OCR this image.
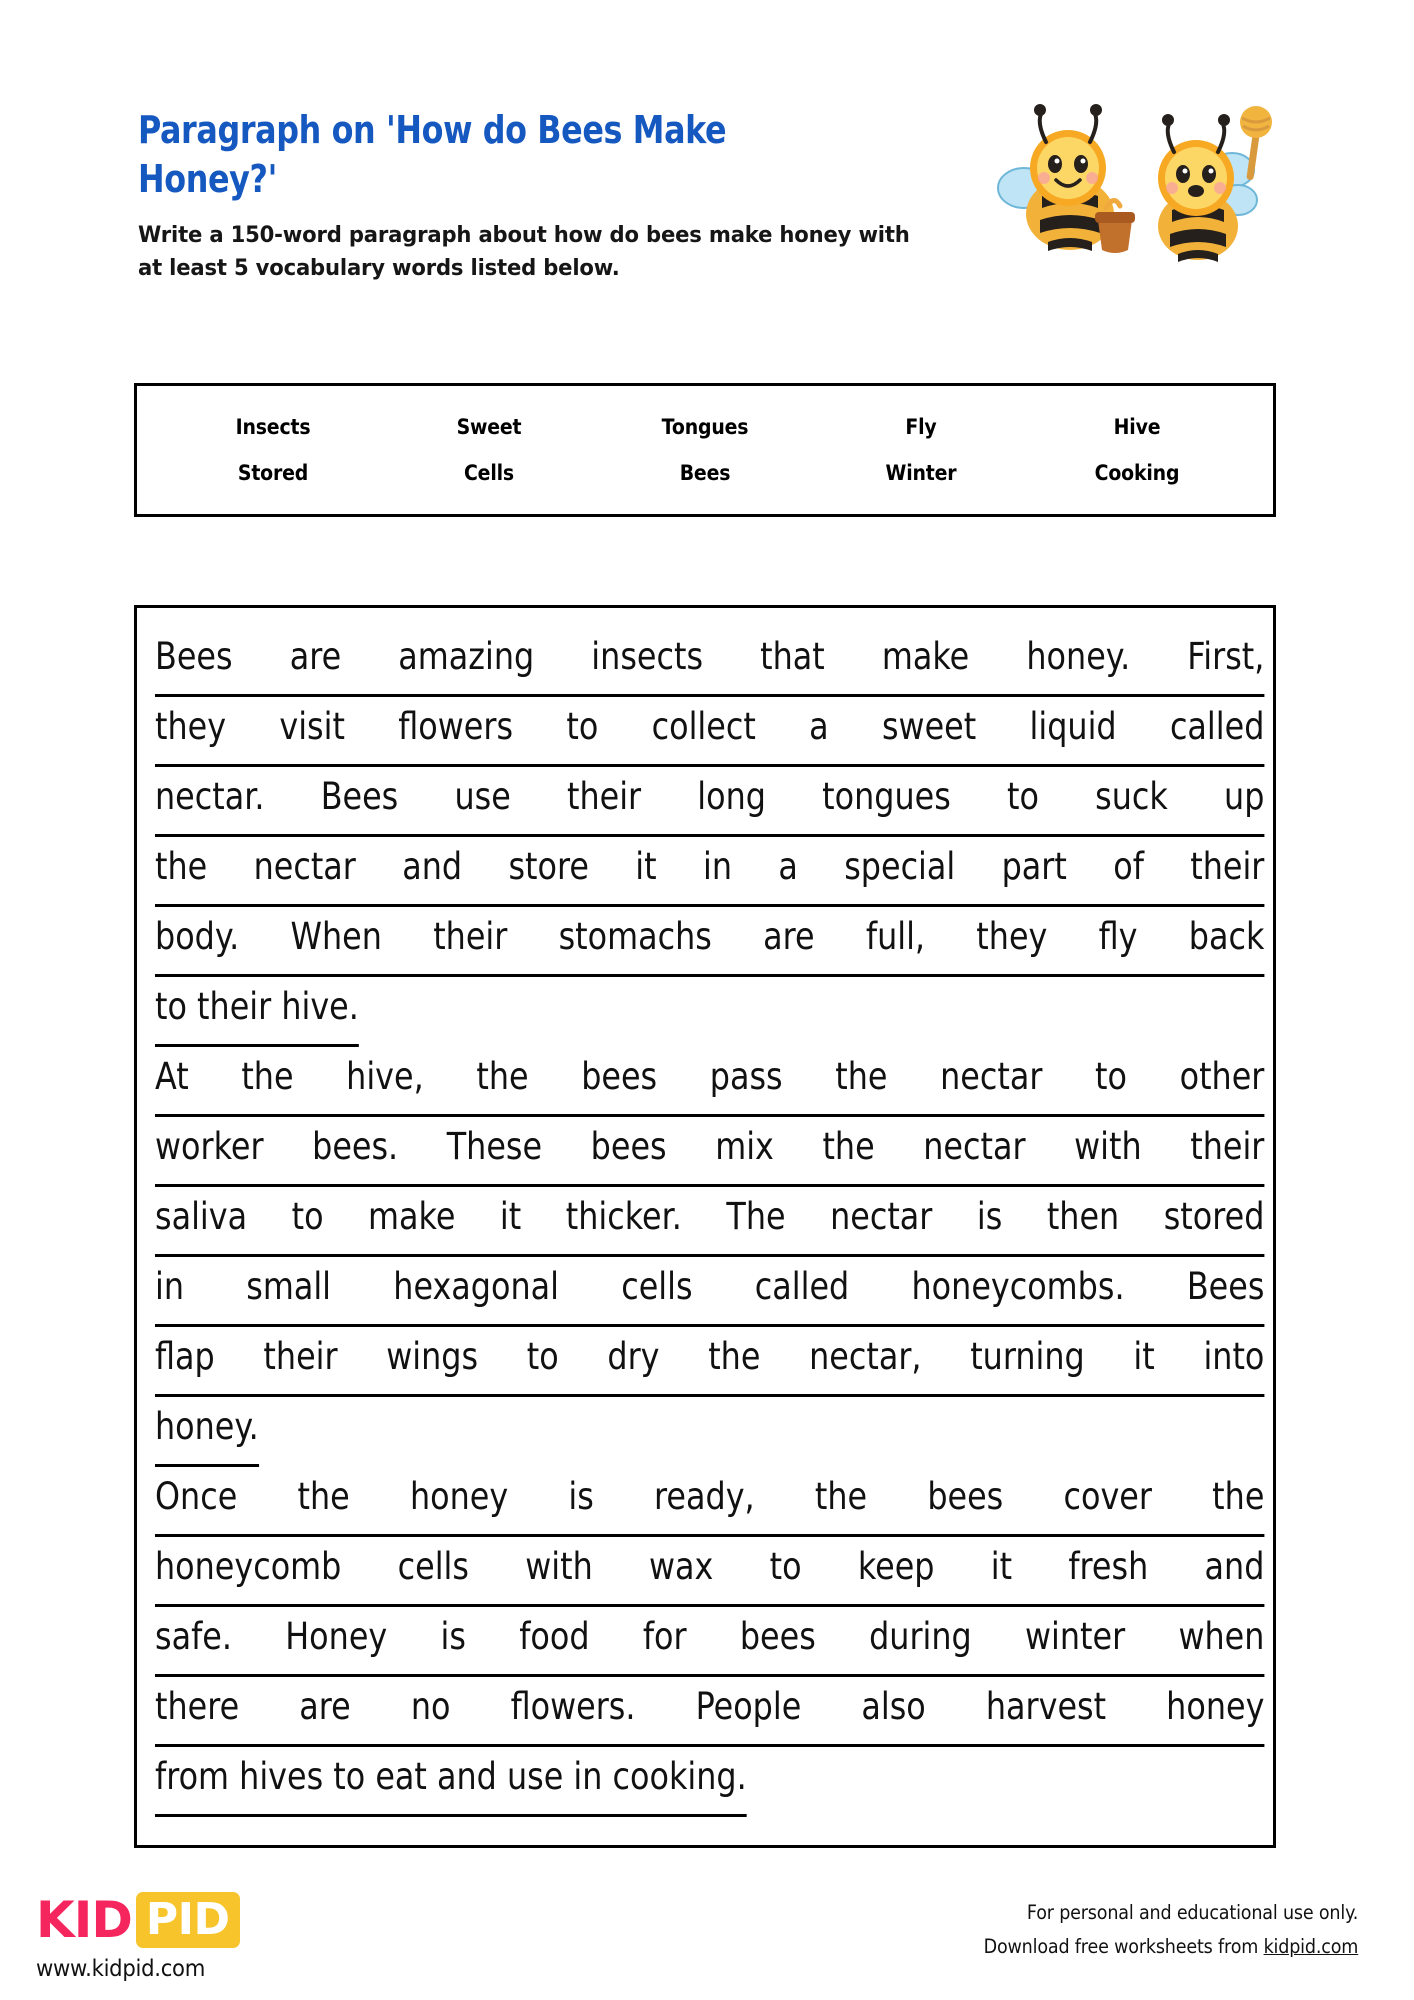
Paragraph on 'How do Bees Make Honey?'
Write a 150-word paragraph about how do bees make honey with at least 5 vocabulary words listed below.
Insects	Sweet	Tongues	Fly	Hive
Stored	Cells	Bees	Winter	Cooking
Bees are amazing insects that make honey. First,
they visit flowers to collect a sweet liquid called
nectar. Bees use their long tongues to suck up
the nectar and store it in a special part of their
body. When their stomachs are full, they fly back
to their hive.
At the hive, the bees pass the nectar to other
worker bees. These bees mix the nectar with their
saliva to make it thicker. The nectar is then stored
in small hexagonal cells called honeycombs. Bees
flap their wings to dry the nectar, turning it into
honey.
Once the honey is ready, the bees cover the
honeycomb cells with wax to keep it fresh and
safe. Honey is food for bees during winter when
there are no flowers. People also harvest honey
from hives to eat and use in cooking.
KID PID
www.kidpid.com
For personal and educational use only.
Download free worksheets from kidpid.com
